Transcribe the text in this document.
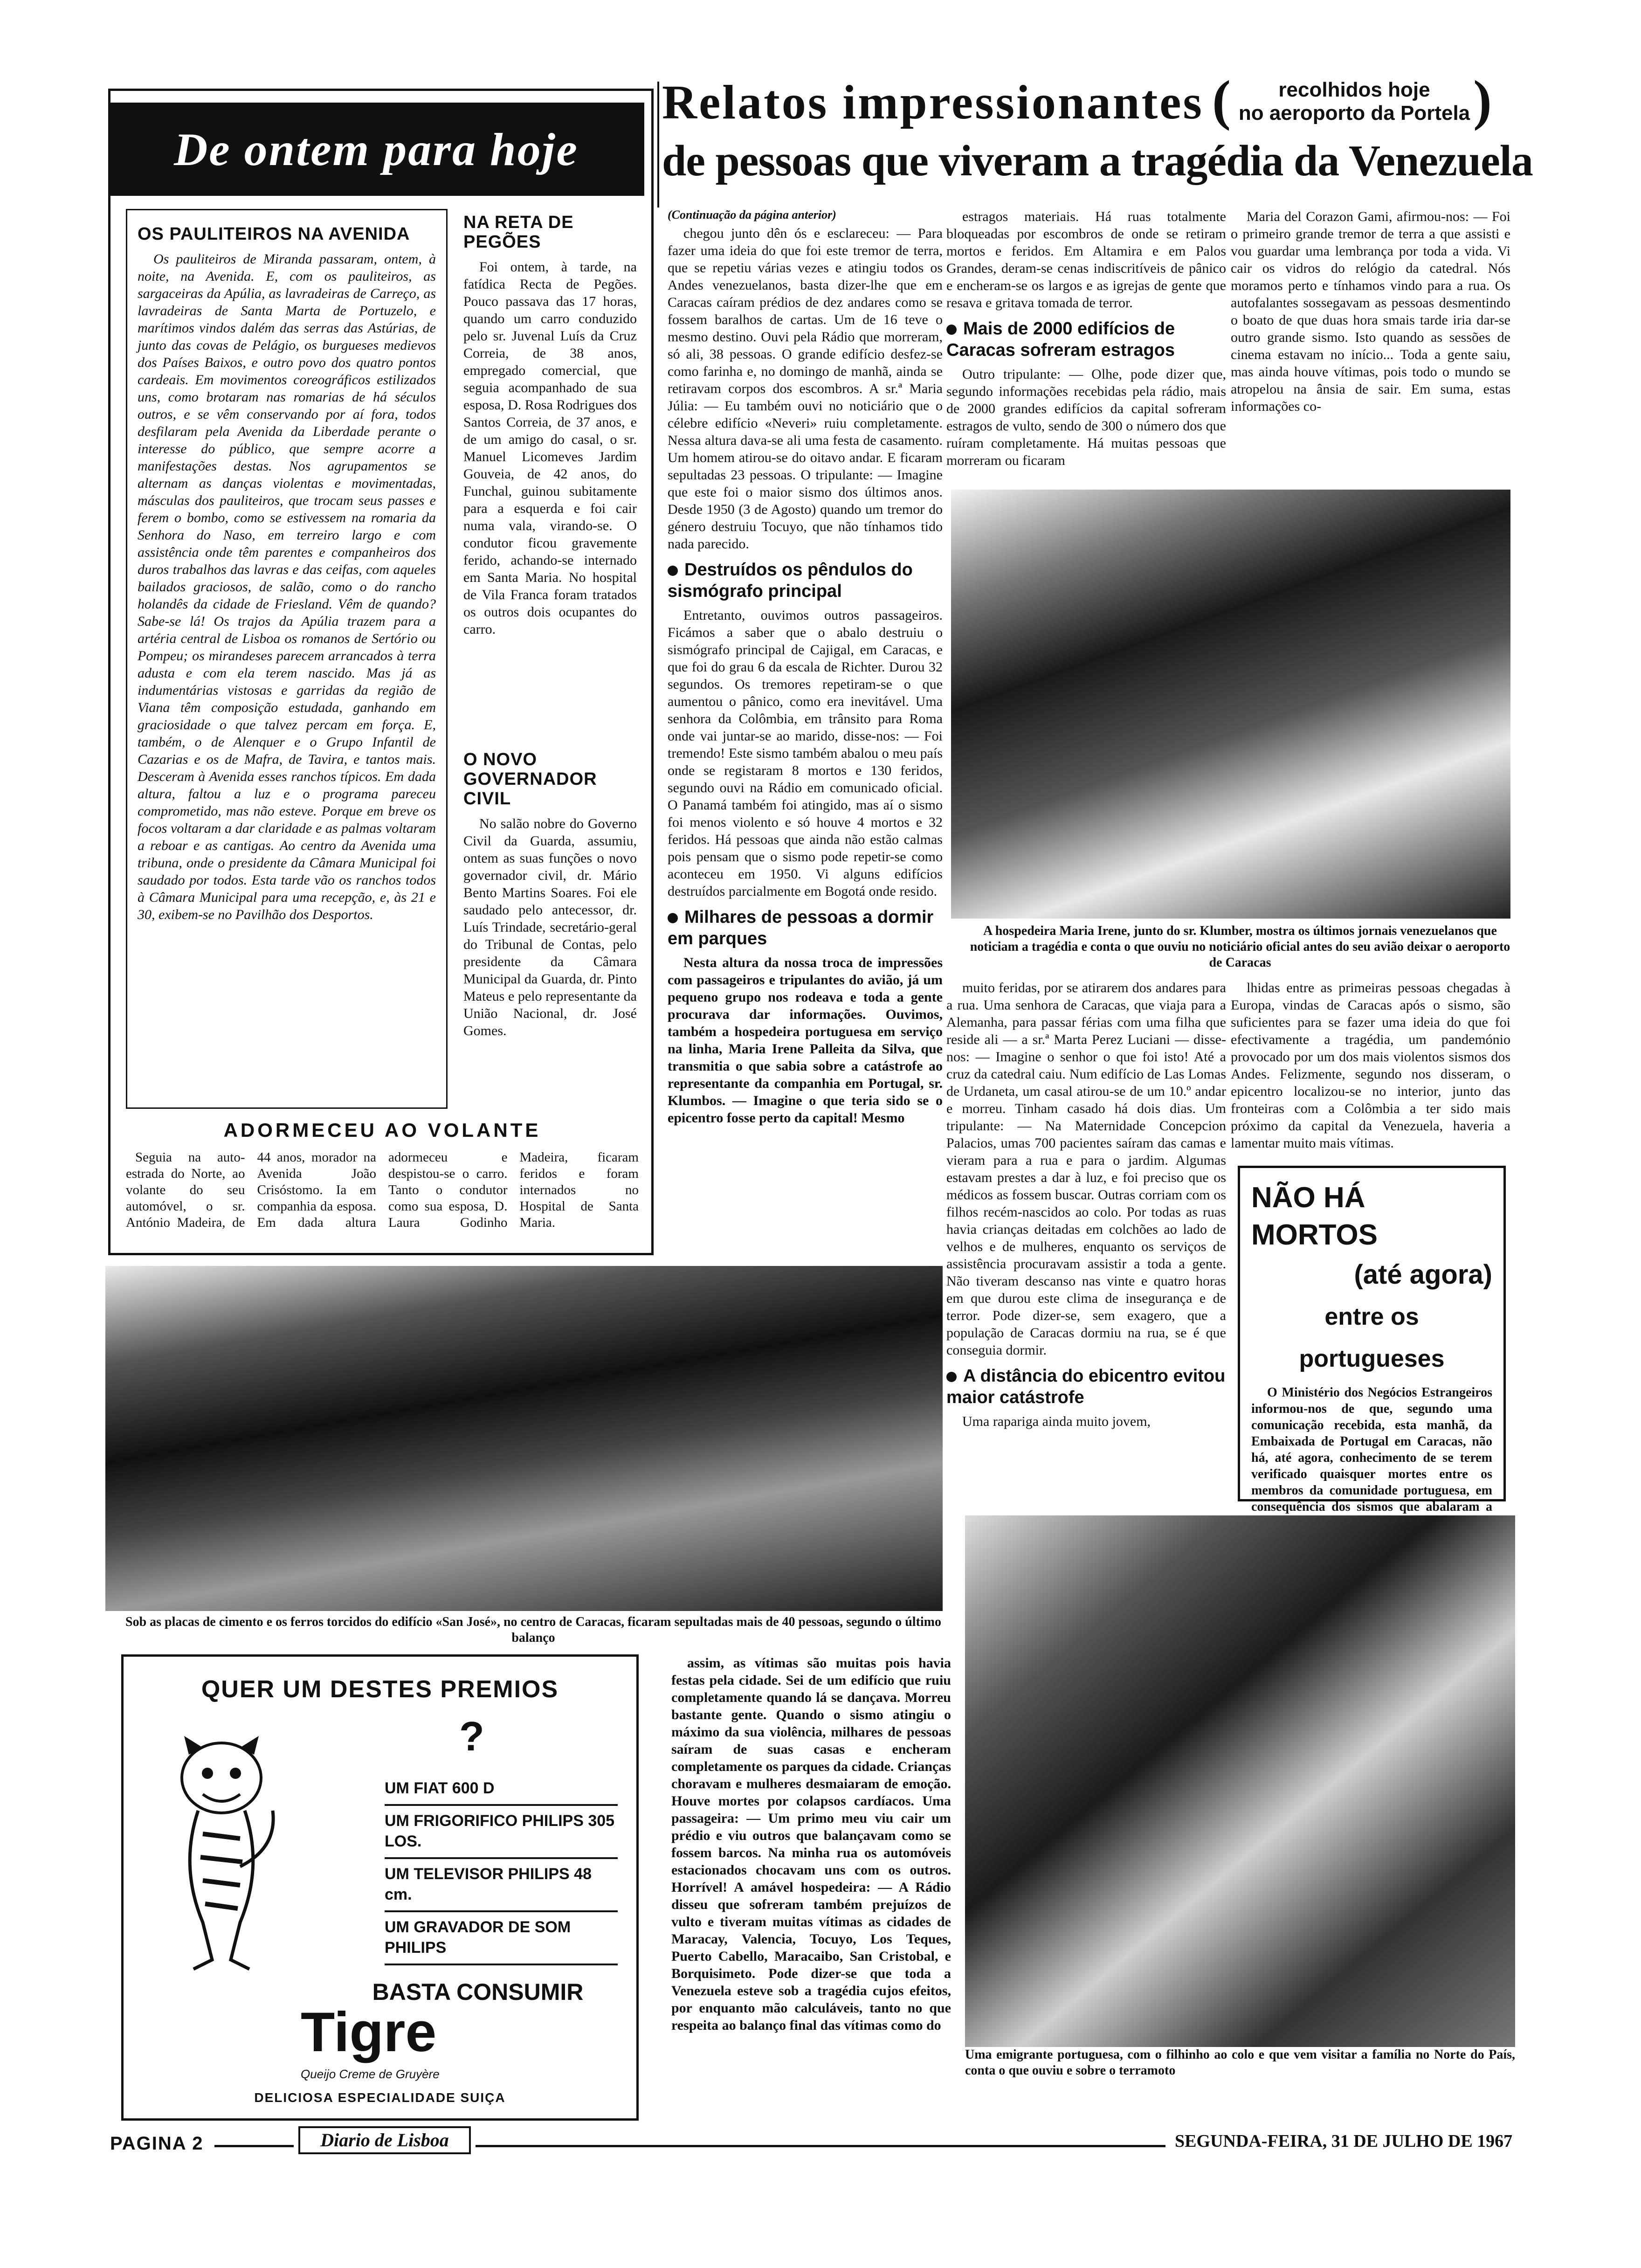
De ontem para hoje
OS PAULITEIROS NA AVENIDA

Os pauliteiros de Miranda passaram, ontem, à noite, na Avenida. E, com os pauliteiros, as sargaceiras da Apúlia, as lavradeiras de Carreço, as lavradeiras de Santa Marta de Portuzelo, e marítimos vindos dalém das serras das Astúrias, de junto das covas de Pelágio, os burgueses medievos dos Países Baixos, e outro povo dos quatro pontos cardeais. Em movimentos coreográficos estilizados uns, como brotaram nas romarias de há séculos outros, e se vêm conservando por aí fora, todos desfilaram pela Avenida da Liberdade perante o interesse do público, que sempre acorre a manifestações destas. Nos agrupamentos se alternam as danças violentas e movimentadas, másculas dos pauliteiros, que trocam seus passes e ferem o bombo, como se estivessem na romaria da Senhora do Naso, em terreiro largo e com assistência onde têm parentes e companheiros dos duros trabalhos das lavras e das ceifas, com aqueles bailados graciosos, de salão, como o do rancho holandês da cidade de Friesland. Vêm de quando? Sabe-se lá! Os trajos da Apúlia trazem para a artéria central de Lisboa os romanos de Sertório ou Pompeu; os mirandeses parecem arrancados à terra adusta e com ela terem nascido. Mas já as indumentárias vistosas e garridas da região de Viana têm composição estudada, ganhando em graciosidade o que talvez percam em força. E, também, o de Alenquer e o Grupo Infantil de Cazarias e os de Mafra, de Tavira, e tantos mais. Desceram à Avenida esses ranchos típicos. Em dada altura, faltou a luz e o programa pareceu comprometido, mas não esteve. Porque em breve os focos voltaram a dar claridade e as palmas voltaram a reboar e as cantigas. Ao centro da Avenida uma tribuna, onde o presidente da Câmara Municipal foi saudado por todos. Esta tarde vão os ranchos todos à Câmara Municipal para uma recepção, e, às 21 e 30, exibem-se no Pavilhão dos Desportos.

NA RETA DE PEGÕES

Foi ontem, à tarde, na fatídica Recta de Pegões. Pouco passava das 17 horas, quando um carro conduzido pelo sr. Juvenal Luís da Cruz Correia, de 38 anos, empregado comercial, que seguia acompanhado de sua esposa, D. Rosa Rodrigues dos Santos Correia, de 37 anos, e de um amigo do casal, o sr. Manuel Licomeves Jardim Gouveia, de 42 anos, do Funchal, guinou subitamente para a esquerda e foi cair numa vala, virando-se. O condutor ficou gravemente ferido, achando-se internado em Santa Maria. No hospital de Vila Franca foram tratados os outros dois ocupantes do carro.

O NOVO GOVERNADOR CIVIL

No salão nobre do Governo Civil da Guarda, assumiu, ontem as suas funções o novo governador civil, dr. Mário Bento Martins Soares. Foi ele saudado pelo antecessor, dr. Luís Trindade, secretário-geral do Tribunal de Contas, pelo presidente da Câmara Municipal da Guarda, dr. Pinto Mateus e pelo representante da União Nacional, dr. José Gomes.

ADORMECEU AO VOLANTE

Seguia na auto-estrada do Norte, ao volante do seu automóvel, o sr. António Madeira, de 44 anos, morador na Avenida João Crisóstomo. Ia em companhia da esposa. Em dada altura adormeceu e despistou-se o carro. Tanto o condutor como sua esposa, D. Laura Godinho Madeira, ficaram feridos e foram internados no Hospital de Santa Maria.

Relatos impressionantes (	recolhidos hoje
no aeroporto da Portela )
de pessoas que viveram a tragédia da Venezuela
(Continuação da página anterior)

chegou junto dên ós e esclareceu: — Para fazer uma ideia do que foi este tremor de terra, que se repetiu várias vezes e atingiu todos os Andes venezuelanos, basta dizer-lhe que em Caracas caíram prédios de dez andares como se fossem baralhos de cartas. Um de 16 teve o mesmo destino. Ouvi pela Rádio que morreram, só ali, 38 pessoas. O grande edifício desfez-se como farinha e, no domingo de manhã, ainda se retiravam corpos dos escombros. A sr.ª Maria Júlia: — Eu também ouvi no noticiário que o célebre edifício «Neveri» ruiu completamente. Nessa altura dava-se ali uma festa de casamento. Um homem atirou-se do oitavo andar. E ficaram sepultadas 23 pessoas. O tripulante: — Imagine que este foi o maior sismo dos últimos anos. Desde 1950 (3 de Agosto) quando um tremor do género destruiu Tocuyo, que não tínhamos tido nada parecido.

Destruídos os pêndulos do sismógrafo principal

Entretanto, ouvimos outros passageiros. Ficámos a saber que o abalo destruiu o sismógrafo principal de Cajigal, em Caracas, e que foi do grau 6 da escala de Richter. Durou 32 segundos. Os tremores repetiram-se o que aumentou o pânico, como era inevitável. Uma senhora da Colômbia, em trânsito para Roma onde vai juntar-se ao marido, disse-nos: — Foi tremendo! Este sismo também abalou o meu país onde se registaram 8 mortos e 130 feridos, segundo ouvi na Rádio em comunicado oficial. O Panamá também foi atingido, mas aí o sismo foi menos violento e só houve 4 mortos e 32 feridos. Há pessoas que ainda não estão calmas pois pensam que o sismo pode repetir-se como aconteceu em 1950. Vi alguns edifícios destruídos parcialmente em Bogotá onde resido.

Milhares de pessoas a dormir em parques

Nesta altura da nossa troca de impressões com passageiros e tripulantes do avião, já um pequeno grupo nos rodeava e toda a gente procurava dar informações. Ouvimos, também a hospedeira portuguesa em serviço na linha, Maria Irene Palleita da Silva, que transmitia o que sabia sobre a catástrofe ao representante da companhia em Portugal, sr. Klumbos. — Imagine o que teria sido se o epicentro fosse perto da capital! Mesmo

estragos materiais. Há ruas totalmente bloqueadas por escombros de onde se retiram mortos e feridos. Em Altamira e em Palos Grandes, deram-se cenas indiscritíveis de pânico e encheram-se os largos e as igrejas de gente que resava e gritava tomada de terror.

Mais de 2000 edifícios de Caracas sofreram estragos

Outro tripulante: — Olhe, pode dizer que, segundo informações recebidas pela rádio, mais de 2000 grandes edifícios da capital sofreram estragos de vulto, sendo de 300 o número dos que ruíram completamente. Há muitas pessoas que morreram ou ficaram

Maria del Corazon Gami, afirmou-nos: — Foi o primeiro grande tremor de terra a que assisti e vou guardar uma lembrança por toda a vida. Vi cair os vidros do relógio da catedral. Nós moramos perto e tínhamos vindo para a rua. Os autofalantes sossegavam as pessoas desmentindo o boato de que duas hora smais tarde iria dar-se outro grande sismo. Isto quando as sessões de cinema estavam no início... Toda a gente saiu, mas ainda houve vítimas, pois todo o mundo se atropelou na ânsia de sair. Em suma, estas informações co-

A hospedeira Maria Irene, junto do sr. Klumber, mostra os últimos jornais venezuelanos que noticiam a tragédia e conta o que ouviu no noticiário oficial antes do seu avião deixar o aeroporto de Caracas

muito feridas, por se atirarem dos andares para a rua. Uma senhora de Caracas, que viaja para a Alemanha, para passar férias com uma filha que reside ali — a sr.ª Marta Perez Luciani — disse-nos: — Imagine o senhor o que foi isto! Até a cruz da catedral caiu. Num edifício de Las Lomas de Urdaneta, um casal atirou-se de um 10.º andar e morreu. Tinham casado há dois dias. Um tripulante: — Na Maternidade Concepcion Palacios, umas 700 pacientes saíram das camas e vieram para a rua e para o jardim. Algumas estavam prestes a dar à luz, e foi preciso que os médicos as fossem buscar. Outras corriam com os filhos recém-nascidos ao colo. Por todas as ruas havia crianças deitadas em colchões ao lado de velhos e de mulheres, enquanto os serviços de assistência procuravam assistir a toda a gente. Não tiveram descanso nas vinte e quatro horas em que durou este clima de insegurança e de terror. Pode dizer-se, sem exagero, que a população de Caracas dormiu na rua, se é que conseguia dormir.

A distância do ebicentro evitou maior catástrofe

Uma rapariga ainda muito jovem,

lhidas entre as primeiras pessoas chegadas à Europa, vindas de Caracas após o sismo, são suficientes para se fazer uma ideia do que foi efectivamente a tragédia, um pandemónio provocado por um dos mais violentos sismos dos Andes. Felizmente, segundo nos disseram, o epicentro localizou-se no interior, junto das fronteiras com a Colômbia a ter sido mais próximo da capital da Venezuela, haveria a lamentar muito mais vítimas.

NÃO HÁ MORTOS
(até agora)
entre os portugueses

O Ministério dos Negócios Estrangeiros informou-nos de que, segundo uma comunicação recebida, esta manhã, da Embaixada de Portugal em Caracas, não há, até agora, conhecimento de se terem verificado quaisquer mortes entre os membros da comunidade portuguesa, em consequência dos sismos que abalaram a

Sob as placas de cimento e os ferros torcidos do edifício «San José», no centro de Caracas, ficaram sepultadas mais de 40 pessoas, segundo o último balanço
QUER UM DESTES PREMIOS
?
UM FIAT 600 D
UM FRIGORIFICO PHILIPS 305 LOS.
UM TELEVISOR PHILIPS 48 cm.
UM GRAVADOR DE SOM PHILIPS
BASTA CONSUMIR
Tigre
Queijo Creme de Gruyère
DELICIOSA ESPECIALIDADE SUIÇA

assim, as vítimas são muitas pois havia festas pela cidade. Sei de um edifício que ruiu completamente quando lá se dançava. Morreu bastante gente. Quando o sismo atingiu o máximo da sua violência, milhares de pessoas saíram de suas casas e encheram completamente os parques da cidade. Crianças choravam e mulheres desmaiaram de emoção. Houve mortes por colapsos cardíacos. Uma passageira: — Um primo meu viu cair um prédio e viu outros que balançavam como se fossem barcos. Na minha rua os automóveis estacionados chocavam uns com os outros. Horrível! A amável hospedeira: — A Rádio disseu que sofreram também prejuízos de vulto e tiveram muitas vítimas as cidades de Maracay, Valencia, Tocuyo, Los Teques, Puerto Cabello, Maracaibo, San Cristobal, e Borquisimeto. Pode dizer-se que toda a Venezuela esteve sob a tragédia cujos efeitos, por enquanto mão calculáveis, tanto no que respeita ao balanço final das vítimas como do

Uma emigrante portuguesa, com o filhinho ao colo e que vem visitar a família no Norte do País, conta o que ouviu e sobre o terramoto
PAGINA 2	Diario de Lisboa	SEGUNDA-FEIRA, 31 DE JULHO DE 1967
